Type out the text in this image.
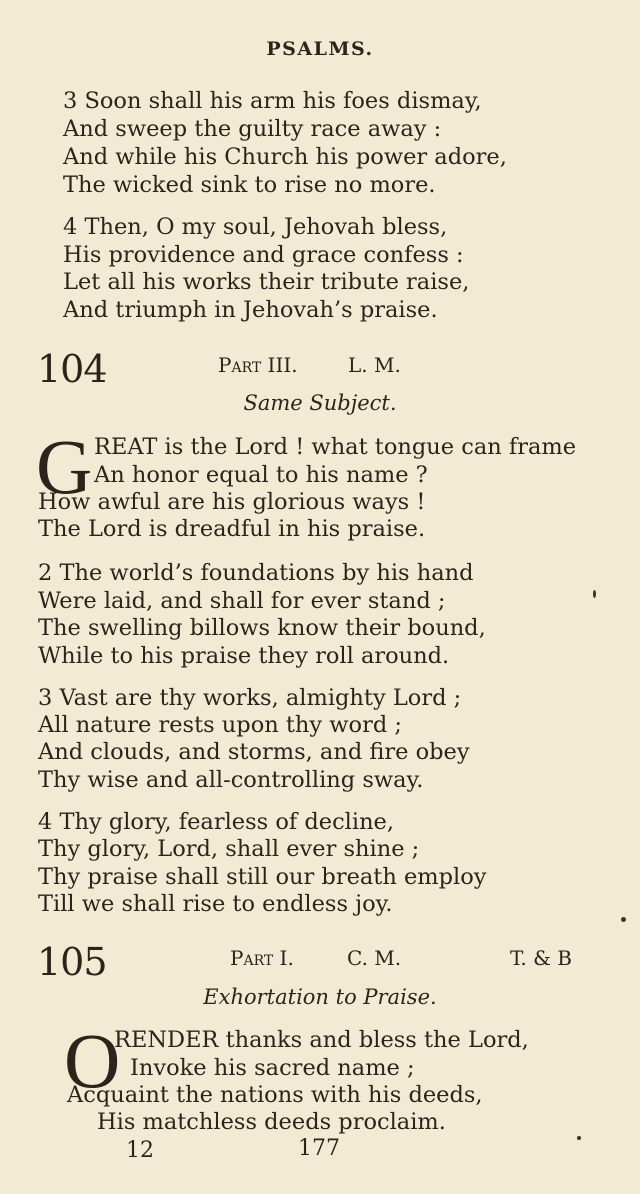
PSALMS.
3 Soon shall his arm his foes dismay,
And sweep the guilty race away :
And while his Church his power adore,
The wicked sink to rise no more.
4 Then, O my soul, Jehovah bless,
His providence and grace confess :
Let all his works their tribute raise,
And triumph in Jehovah’s praise.
104	Part III.	L. M.
Same Subject.
G REAT is the Lord ! what tongue can frame
An honor equal to his name ?
How awful are his glorious ways !
The Lord is dreadful in his praise.
2 The world’s foundations by his hand
Were laid, and shall for ever stand ;
The swelling billows know their bound,
While to his praise they roll around.
3 Vast are thy works, almighty Lord ;
All nature rests upon thy word ;
And clouds, and storms, and fire obey
Thy wise and all-controlling sway.
4 Thy glory, fearless of decline,
Thy glory, Lord, shall ever shine ;
Thy praise shall still our breath employ
Till we shall rise to endless joy.
105	Part I.	C. M.	T. & B
Exhortation to Praise.
O
RENDER thanks and bless the Lord,
Invoke his sacred name ;
Acquaint the nations with his deeds,
His matchless deeds proclaim.
12	177
